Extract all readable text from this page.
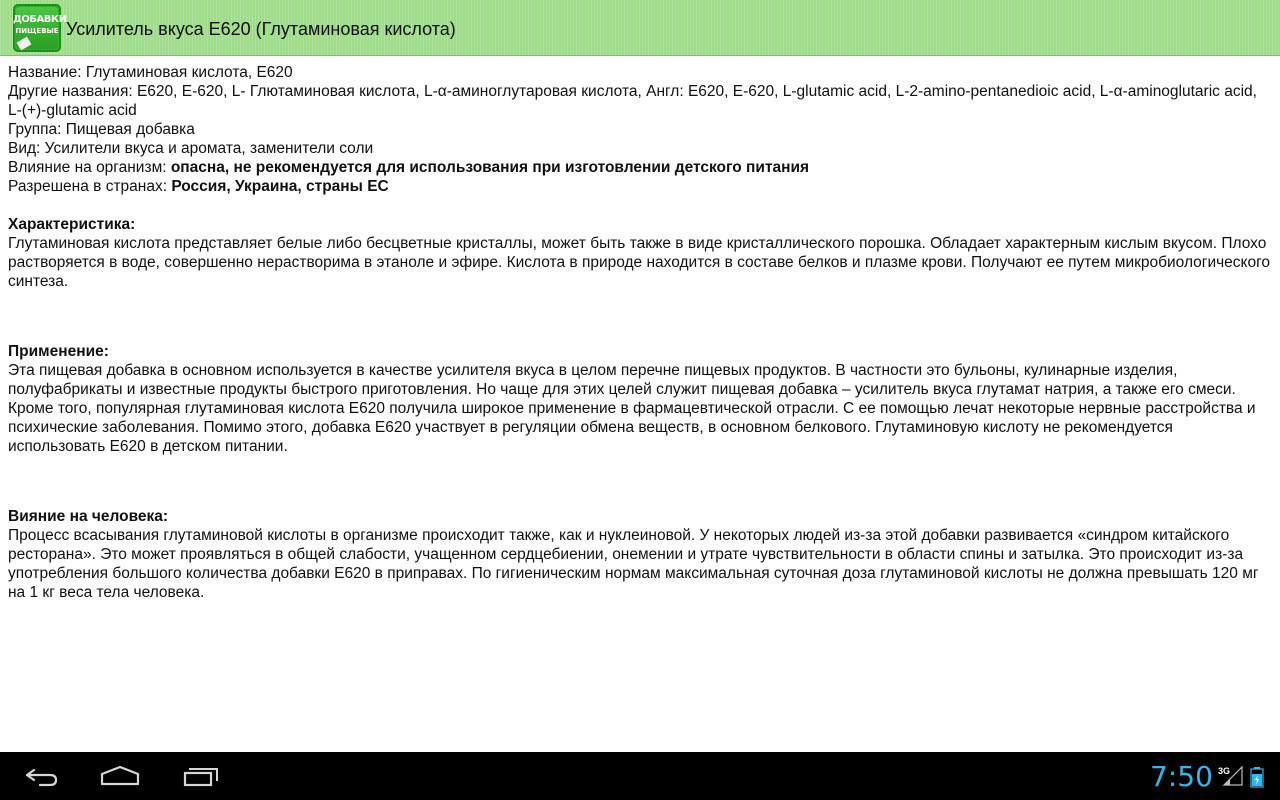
ДОБАВКИ
ПИЩЕВЫЕ Усилитель вкуса Е620 (Глутаминовая кислота)

Название: Глутаминовая кислота, E620

Другие названия: Е620, Е-620, L- Глютаминовая кислота, L-α-аминоглутаровая кислота, Англ: E620, E-620, L-glutamic acid, L-2-amino-pentanedioic acid, L-α-aminoglutaric acid, L-(+)-glutamic acid

Группа: Пищевая добавка

Вид: Усилители вкуса и аромата, заменители соли

Влияние на организм: опасна, не рекомендуется для использования при изготовлении детского питания

Разрешена в странах: Россия, Украина, страны ЕС

Характеристика:

Глутаминовая кислота представляет белые либо бесцветные кристаллы, может быть также в виде кристаллического порошка. Обладает характерным кислым вкусом. Плохо растворяется в воде, совершенно нерастворима в этаноле и эфире. Кислота в природе находится в составе белков и плазме крови. Получают ее путем микробиологического синтеза.

Применение:

Эта пищевая добавка в основном используется в качестве усилителя вкуса в целом перечне пищевых продуктов. В частности это бульоны, кулинарные изделия, полуфабрикаты и известные продукты быстрого приготовления. Но чаще для этих целей служит пищевая добавка – усилитель вкуса глутамат натрия, а также его смеси. Кроме того, популярная глутаминовая кислота Е620 получила широкое применение в фармацевтической отрасли. С ее помощью лечат некоторые нервные расстройства и психические заболевания. Помимо этого, добавка Е620 участвует в регуляции обмена веществ, в основном белкового. Глутаминовую кислоту не рекомендуется использовать Е620 в детском питании.

Вияние на человека:

Процесс всасывания глутаминовой кислоты в организме происходит также, как и нуклеиновой. У некоторых людей из-за этой добавки развивается «синдром китайского ресторана». Это может проявляться в общей слабости, учащенном сердцебиении, онемении и утрате чувствительности в области спины и затылка. Это происходит из-за употребления большого количества добавки Е620 в приправах. По гигиеническим нормам максимальная суточная доза глутаминовой кислоты не должна превышать 120 мг на 1 кг веса тела человека.

7:50 3G
